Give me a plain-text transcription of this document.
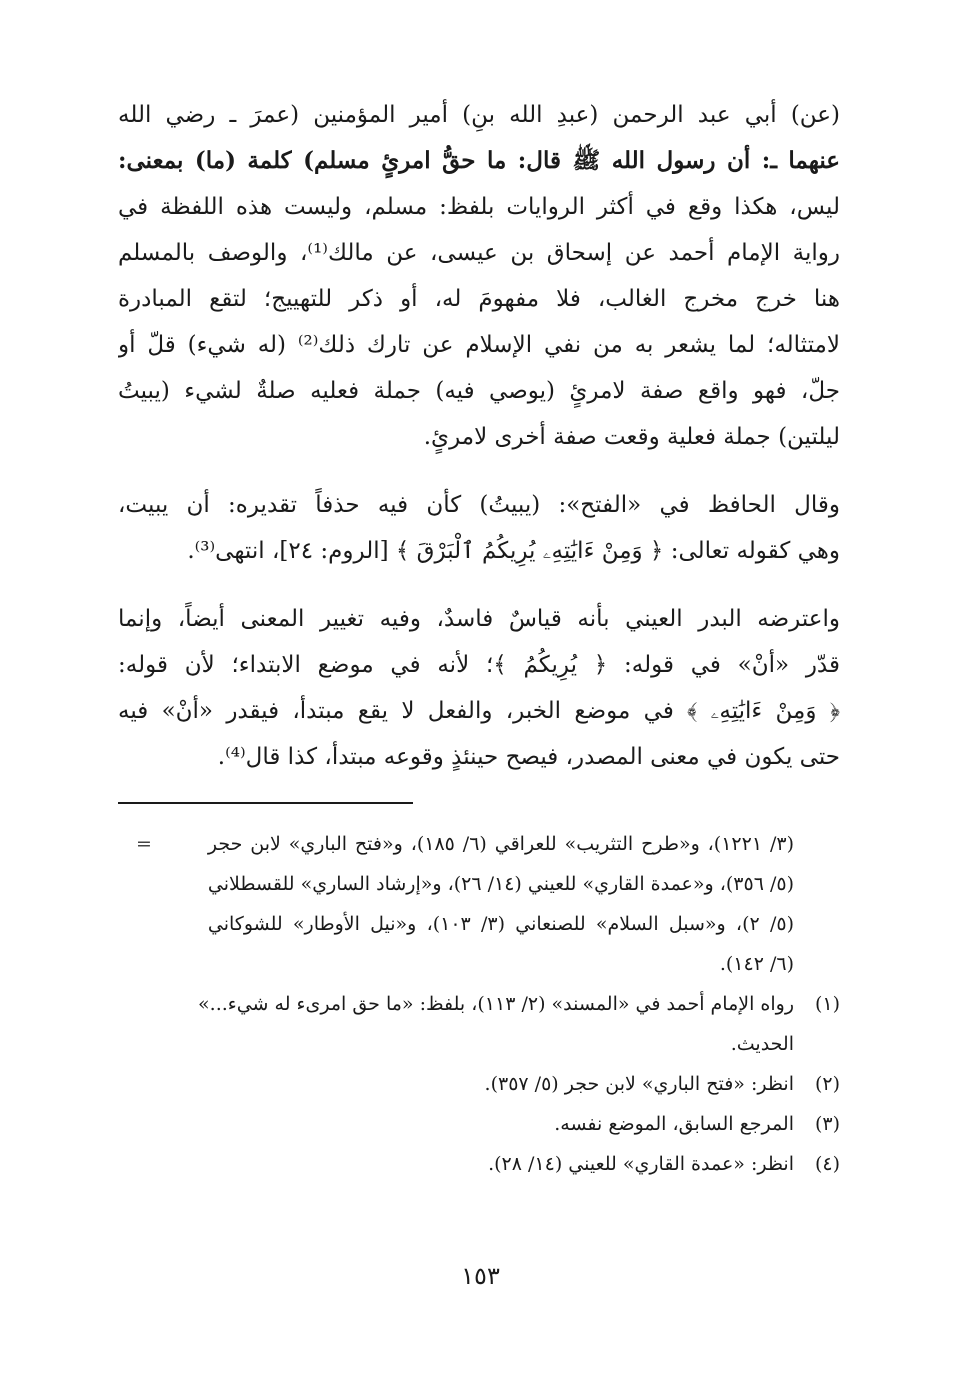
(عن) أبي عبد الرحمن (عبدِ الله بنِ) أمير المؤمنين (عمرَ ـ رضي الله
عنهما ـ: أن رسول الله ﷺ قال: ما حقُّ امرئٍ مسلم) كلمة (ما) بمعنى:
ليس، هكذا وقع في أكثر الروايات بلفظ: مسلم، وليست هذه اللفظة في
رواية الإمام أحمد عن إسحاق بن عيسى، عن مالك⁽¹⁾، والوصف بالمسلم
هنا خرج مخرج الغالب، فلا مفهومَ له، أو ذكر للتهييج؛ لتقع المبادرة
لامتثاله؛ لما يشعر به من نفي الإسلام عن تارك ذلك⁽²⁾ (له شيء) قلّ أو
جلّ، فهو واقع صفة لامرئٍ (يوصي فيه) جملة فعليه صلةٌ لشيء (يبيتُ
ليلتين) جملة فعلية وقعت صفة أخرى لامرئٍ.
وقال الحافظ في «الفتح»: (يبيتُ) كأن فيه حذفاً تقديره: أن يبيت،
وهي كقوله تعالى: ﴿ وَمِنْ ءَايَٰتِهِۦ يُرِيكُمُ ٱلْبَرْقَ ﴾ [الروم: ٢٤]، انتهى⁽³⁾.
واعترضه البدر العيني بأنه قياسٌ فاسدٌ، وفيه تغيير المعنى أيضاً، وإنما
قدّر «أنْ» في قوله: ﴿ يُرِيكُمُ ﴾؛ لأنه في موضع الابتداء؛ لأن قوله:
﴿ وَمِنْ ءَايَٰتِهِۦ ﴾ في موضع الخبر، والفعل لا يقع مبتدأ، فيقدر «أنْ» فيه
حتى يكون في معنى المصدر، فيصح حينئذٍ وقوعه مبتدأ، كذا قال⁽⁴⁾.
(٣/ ١٢٢١)، و«طرح التثريب» للعراقي (٦/ ١٨٥)، و«فتح الباري» لابن حجر
(٥/ ٣٥٦)، و«عمدة القاري» للعيني (١٤/ ٢٦)، و«إرشاد الساري» للقسطلاني
(٥/ ٢)، و«سبل السلام» للصنعاني (٣/ ١٠٣)، و«نيل الأوطار» للشوكاني
(٦/ ١٤٢).
=
(١)
رواه الإمام أحمد في «المسند» (٢/ ١١٣)، بلفظ: «ما حق امرىء له شيء...»
الحديث.
(٢)
انظر: «فتح الباري» لابن حجر (٥/ ٣٥٧).
(٣)
المرجع السابق، الموضع نفسه.
(٤)
انظر: «عمدة القاري» للعيني (١٤/ ٢٨).
١٥٣
